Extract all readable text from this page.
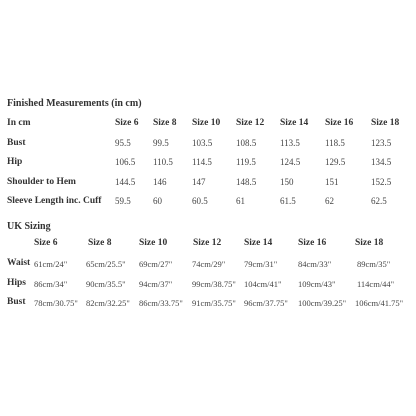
Finished Measurements (in cm)
In cm	Size 6 Size 8 Size 10 Size 12 Size 14 Size 16 Size 18
Bust	95.5 99.5	103.5	108.5	113.5	118.5	123.5
Hip	106.5 110.5 114.5	119.5	124.5	129.5	134.5
Shoulder to Hem	144.5 146	147	148.5	150	151	152.5
Sleeve Length inc. Cuff 59.5 60	60.5	61	61.5	62	62.5
UK Sizing
Size 6	Size 8	Size 10	Size 12 Size 14	Size 16	Size 18
Waist 61cm/24" 65cm/25.5" 69cm/27" 74cm/29" 79cm/31" 84cm/33"	89cm/35"
Hips 86cm/34" 90cm/35.5" 94cm/37" 99cm/38.75" 104cm/41" 109cm/43"	114cm/44"
Bust 78cm/30.75" 82cm/32.25" 86cm/33.75" 91cm/35.75" 96cm/37.75" 100cm/39.25" 106cm/41.75"
